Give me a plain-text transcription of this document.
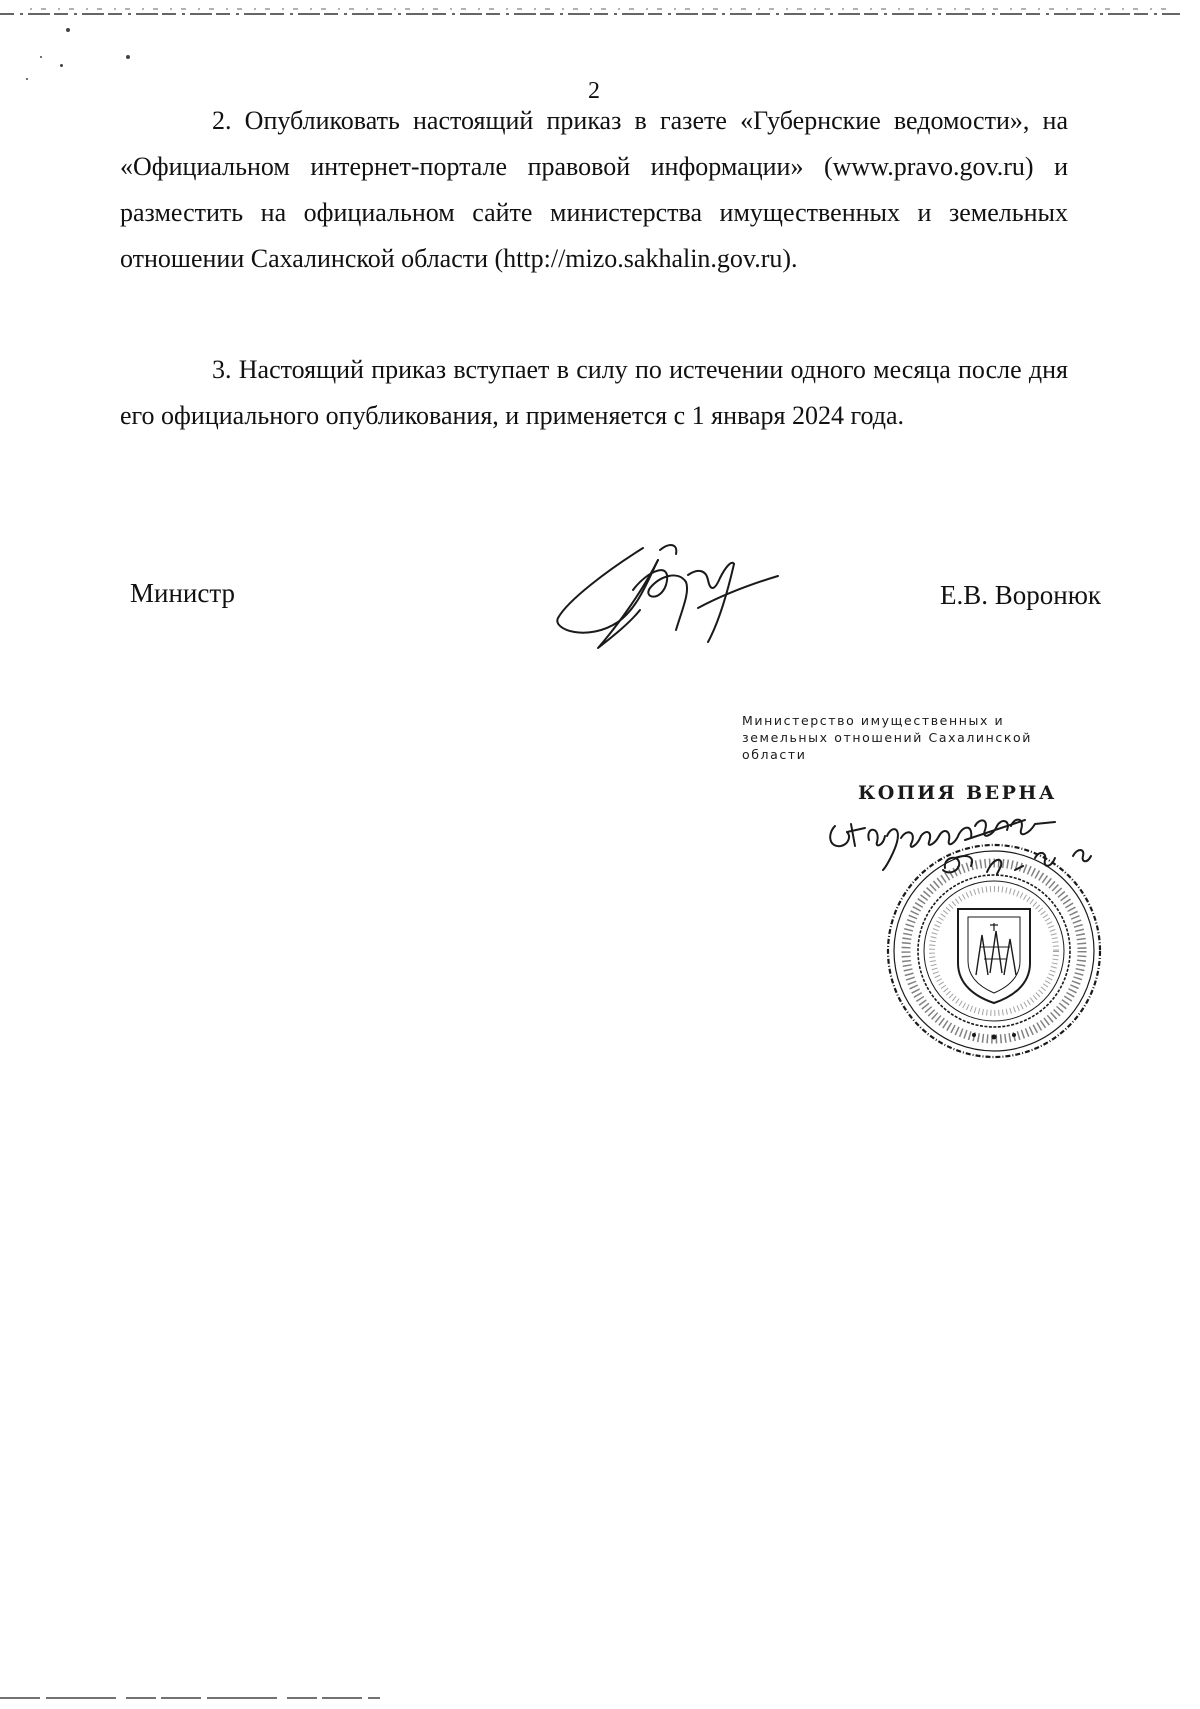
2

2. Опубликовать настоящий приказ в газете «Губернские ведомости», на «Официальном интернет-портале правовой информации» (www.pravo.gov.ru) и разместить на официальном сайте министерства имущественных и земельных отношении Сахалинской области (http://mizo.sakhalin.gov.ru).

3. Настоящий приказ вступает в силу по истечении одного месяца после дня его официального опубликования, и применяется с 1 января 2024 года.

Министр	Е.В. Воронюк
Министерство имущественных и
земельных отношений Сахалинской
области
КОПИЯ ВЕРНА
